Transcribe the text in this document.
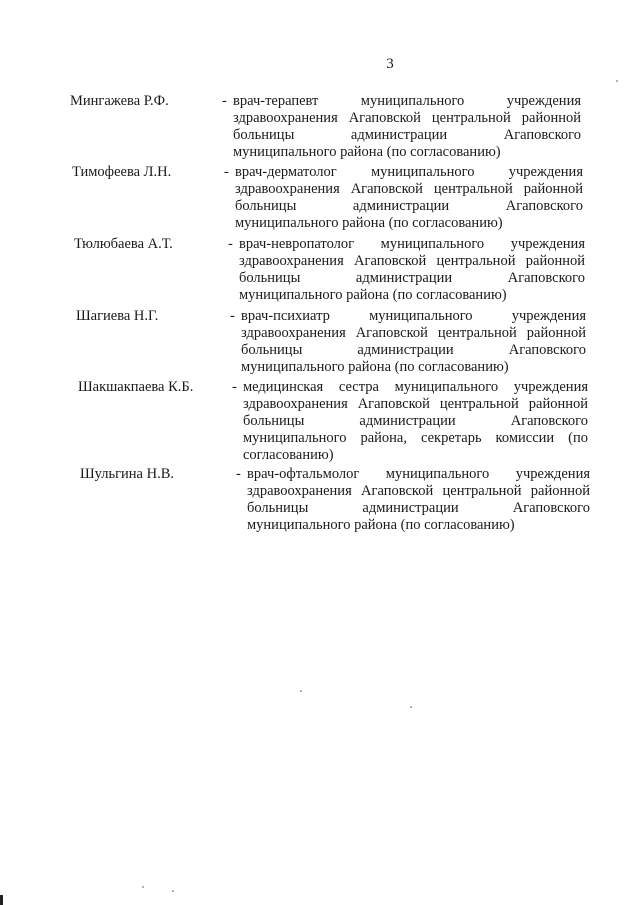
3
Мингажева Р.Ф.	- врач-терапевт муниципального учреждения здравоохранения Агаповской центральной районной больницы администрации Агаповского муниципального района (по согласованию)
Тимофеева Л.Н.	- врач-дерматолог муниципального учреждения здравоохранения Агаповской центральной районной больницы администрации Агаповского муниципального района (по согласованию)
Тюлюбаева А.Т.	- врач-невропатолог муниципального учреждения здравоохранения Агаповской центральной районной больницы администрации Агаповского муниципального района (по согласованию)
Шагиева Н.Г.	- врач-психиатр муниципального учреждения здравоохранения Агаповской центральной районной больницы администрации Агаповского муниципального района (по согласованию)
Шакшакпаева К.Б.	- медицинская сестра муниципального учреждения здравоохранения Агаповской центральной районной больницы администрации Агаповского муниципального района, секретарь комиссии (по согласованию)
Шульгина Н.В.	- врач-офтальмолог муниципального учреждения здравоохранения Агаповской центральной районной больницы администрации Агаповского муниципального района (по согласованию)
